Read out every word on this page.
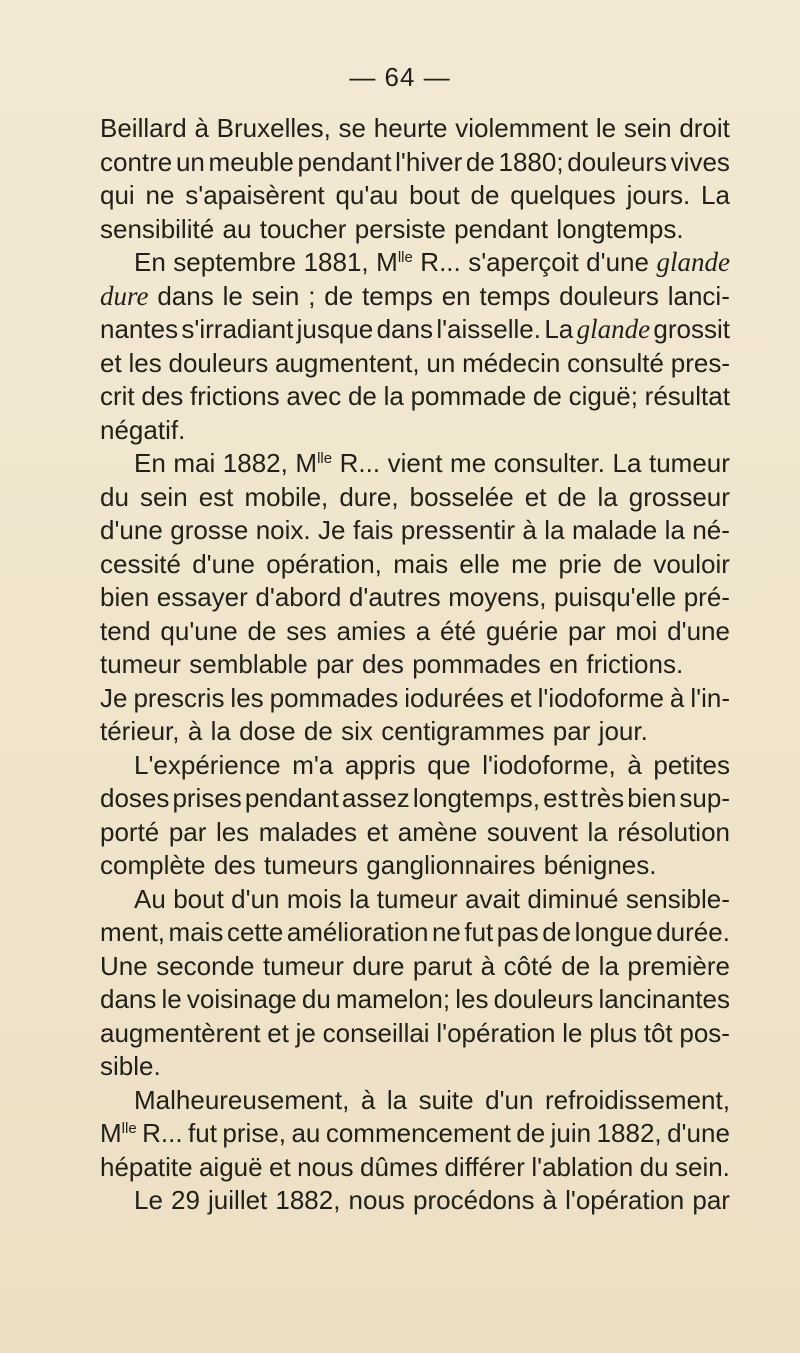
— 64 —
Beillard à Bruxelles, se heurte violemment le sein droit
contre un meuble pendant l'hiver de 1880; douleurs vives
qui ne s'apaisèrent qu'au bout de quelques jours. La
sensibilité au toucher persiste pendant longtemps.
En septembre 1881, $M^{lle}$ R... s'aperçoit d'une glande
dure dans le sein ; de temps en temps douleurs lanci-
nantes s'irradiant jusque dans l'aisselle. La glande grossit
et les douleurs augmentent, un médecin consulté pres-
crit des frictions avec de la pommade de ciguë; résultat
négatif.
En mai 1882, $M^{lle}$ R... vient me consulter. La tumeur
du sein est mobile, dure, bosselée et de la grosseur
d'une grosse noix. Je fais pressentir à la malade la né-
cessité d'une opération, mais elle me prie de vouloir
bien essayer d'abord d'autres moyens, puisqu'elle pré-
tend qu'une de ses amies a été guérie par moi d'une
tumeur semblable par des pommades en frictions.
Je prescris les pommades iodurées et l'iodoforme à l'in-
térieur, à la dose de six centigrammes par jour.
L'expérience m'a appris que l'iodoforme, à petites
doses prises pendant assez longtemps, est très bien sup-
porté par les malades et amène souvent la résolution
complète des tumeurs ganglionnaires bénignes.
Au bout d'un mois la tumeur avait diminué sensible-
ment, mais cette amélioration ne fut pas de longue durée.
Une seconde tumeur dure parut à côté de la première
dans le voisinage du mamelon; les douleurs lancinantes
augmentèrent et je conseillai l'opération le plus tôt pos-
sible.
Malheureusement, à la suite d'un refroidissement,
$M^{lle}$ R... fut prise, au commencement de juin 1882, d'une
hépatite aiguë et nous dûmes différer l'ablation du sein.
Le 29 juillet 1882, nous procédons à l'opération par
